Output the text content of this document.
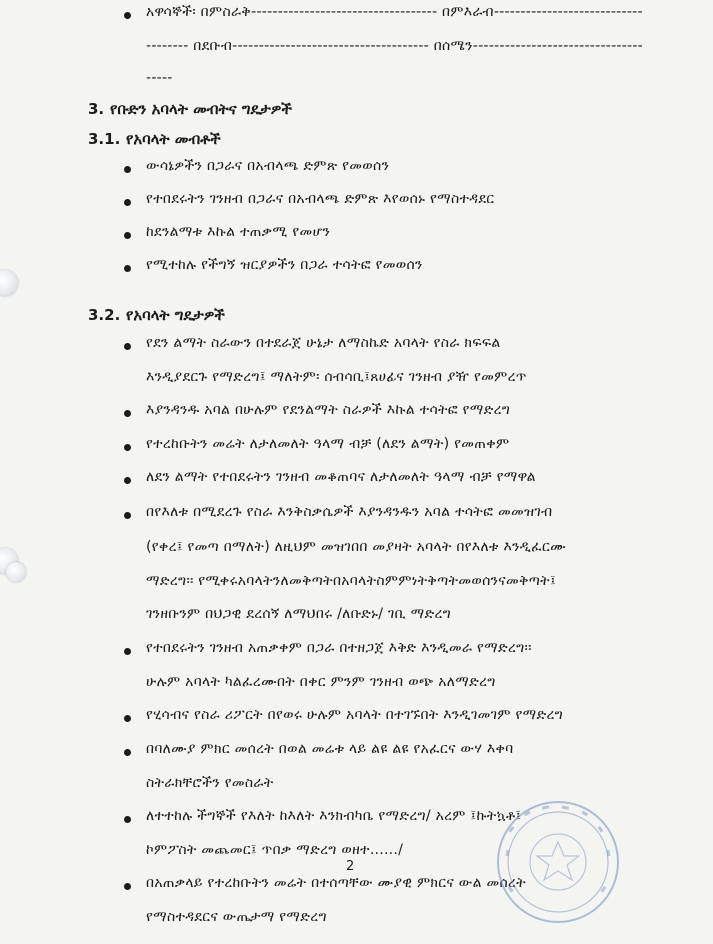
አዋሳኞች፡ በምስራቅ----------------------------------- በምእራብ----------------------------
-------- በደቡብ------------------------------------- በሰሜን--------------------------------
-----
3. የቡድን አባላት መብትና ግዴታዎች
3.1. የአባላት መብቶች
ውሳኔዎችን በጋራና በአብላጫ ድምጽ የመወሰን
የተበደሩትን ገንዘብ በጋራና በአብላጫ ድምጽ እየወሰኑ የማስተዳደር
ከደንልማቱ እኩል ተጠቃሚ የመሆን
የሚተከሉ የችግኝ ዝርያዎችን በጋራ ተሳትፎ የመወሰን
3.2. የአባላት ግዴታዎች
የደን ልማት ስራውን በተደራጀ ሁኔታ ለማስኬድ አባላት የስራ ክፍፍል
እንዲያደርጉ የማድረግ፤ ማለትም፡ ሰብሳቢ፤ጸሀፊና ገንዘብ ያዥ የመምረጥ
እያንዳንዱ አባል በሁሉም የደንልማት ስራዎች እኩል ተሳትፎ የማድረግ
የተረከቡትን መሬት ለታለመለት ዓላማ ብቻ (ለደን ልማት) የመጠቀም
ለደን ልማት የተበደሩትን ገንዘብ መቆጠባና ለታለመለት ዓላማ ብቻ የማዋል
በየእለቱ በሚደረጉ የስራ እንቅስቃሴዎች እያንዳንዱን አባል ተሳትፎ መመዝገብ
(የቀረ፤ የመጣ በማለት) ለዚህም መዝገበበ መያዛት አባላት በየእለቱ እንዲፈርሙ
ማድረግ፡፡ የሚቀሩአባላትንለመቅጣትበአባላትስምምነትቅጣትመወሰንናመቅጣት፤
ገንዘቡንም በህጋዊ ደረሰኝ ለማህበሩ /ለቡድኑ/ ገቢ ማድረግ
የተበደሩትን ገንዘብ አጠቃቀም በጋራ በተዘጋጀ እቅድ እንዲመራ የማድረግ፡፡
ሁሉም አባላት ካልፈረሙበት በቀር ምንም ገንዘብ ወጭ አለማድረግ
የሂሳብና የስራ ሪፖርት በየወሩ ሁሉም አባላት በተገኙበት እንዲገመገም የማድረግ
በባለሙያ ምክር መሰረት በወል መሬቱ ላይ ልዩ ልዩ የአፈርና ውሃ እቀባ
ስትራክቸሮችን የመስራት
ለተተከሉ ችግኞች የእለት ከእለት እንክብካቤ የማድረግ/ አረም ፤ኩትኳቶ፤
ኮምፖስት መጨመር፤ ጥበቃ ማድረግ ወዘተ....../
በአጠቃላይ የተረከቡትን መሬት በተሰጣቸው ሙያዊ ምክርና ውል መሰረት
የማስተዳደርና ውጤታማ የማድረግ
2
